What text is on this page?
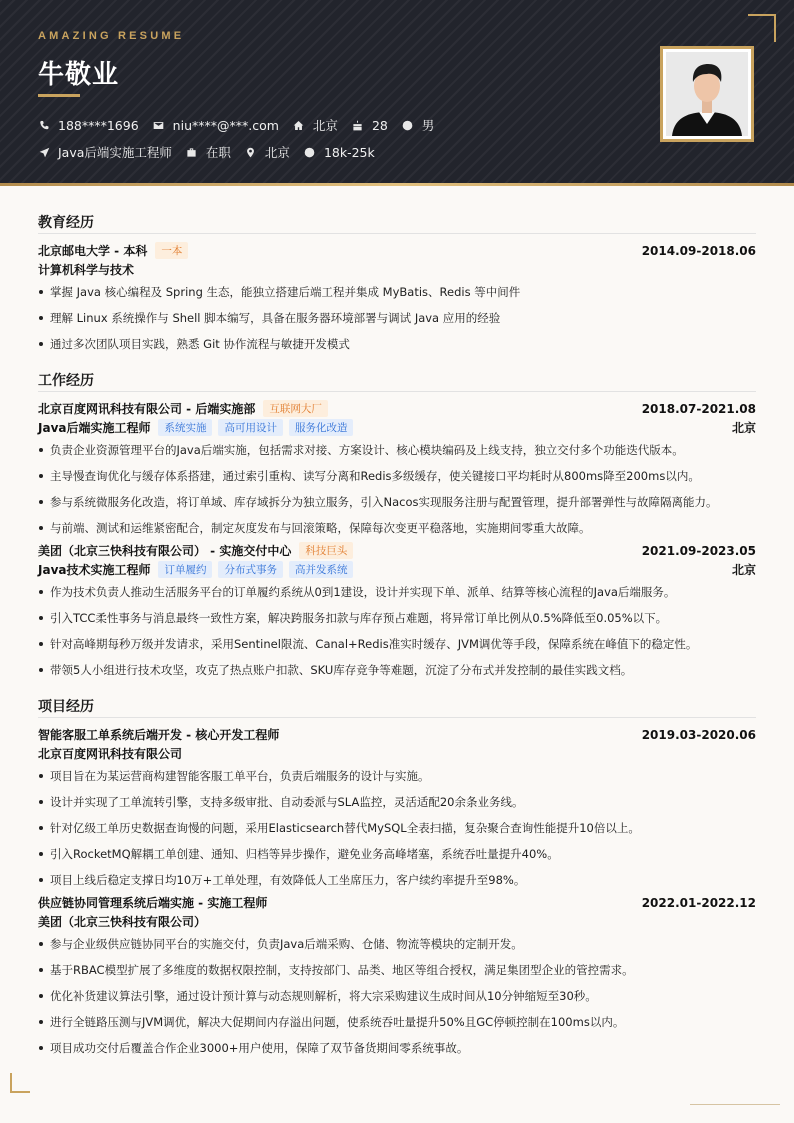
AMAZING RESUME
牛敬业
188****1696	niu****@***.com	北京	28	男
Java后端实施工程师	在职	北京	18k-25k
教育经历
北京邮电大学 - 本科	一本	2014.09-2018.06
计算机科学与技术
掌握 Java 核心编程及 Spring 生态，能独立搭建后端工程并集成 MyBatis、Redis 等中间件
理解 Linux 系统操作与 Shell 脚本编写，具备在服务器环境部署与调试 Java 应用的经验
通过多次团队项目实践，熟悉 Git 协作流程与敏捷开发模式
工作经历
北京百度网讯科技有限公司 - 后端实施部	互联网大厂	2018.07-2021.08
Java后端实施工程师	系统实施	高可用设计	服务化改造	北京
负责企业资源管理平台的Java后端实施，包括需求对接、方案设计、核心模块编码及上线支持，独立交付多个功能迭代版本。
主导慢查询优化与缓存体系搭建，通过索引重构、读写分离和Redis多级缓存，使关键接口平均耗时从800ms降至200ms以内。
参与系统微服务化改造，将订单域、库存域拆分为独立服务，引入Nacos实现服务注册与配置管理，提升部署弹性与故障隔离能力。
与前端、测试和运维紧密配合，制定灰度发布与回滚策略，保障每次变更平稳落地，实施期间零重大故障。
美团（北京三快科技有限公司） - 实施交付中心	科技巨头	2021.09-2023.05
Java技术实施工程师	订单履约	分布式事务	高并发系统	北京
作为技术负责人推动生活服务平台的订单履约系统从0到1建设，设计并实现下单、派单、结算等核心流程的Java后端服务。
引入TCC柔性事务与消息最终一致性方案，解决跨服务扣款与库存预占难题，将异常订单比例从0.5%降低至0.05%以下。
针对高峰期每秒万级并发请求，采用Sentinel限流、Canal+Redis准实时缓存、JVM调优等手段，保障系统在峰值下的稳定性。
带领5人小组进行技术攻坚，攻克了热点账户扣款、SKU库存竞争等难题，沉淀了分布式并发控制的最佳实践文档。
项目经历
智能客服工单系统后端开发 - 核心开发工程师	2019.03-2020.06
北京百度网讯科技有限公司
项目旨在为某运营商构建智能客服工单平台，负责后端服务的设计与实施。
设计并实现了工单流转引擎，支持多级审批、自动委派与SLA监控，灵活适配20余条业务线。
针对亿级工单历史数据查询慢的问题，采用Elasticsearch替代MySQL全表扫描，复杂聚合查询性能提升10倍以上。
引入RocketMQ解耦工单创建、通知、归档等异步操作，避免业务高峰堵塞，系统吞吐量提升40%。
项目上线后稳定支撑日均10万+工单处理，有效降低人工坐席压力，客户续约率提升至98%。
供应链协同管理系统后端实施 - 实施工程师	2022.01-2022.12
美团（北京三快科技有限公司）
参与企业级供应链协同平台的实施交付，负责Java后端采购、仓储、物流等模块的定制开发。
基于RBAC模型扩展了多维度的数据权限控制，支持按部门、品类、地区等组合授权，满足集团型企业的管控需求。
优化补货建议算法引擎，通过设计预计算与动态规则解析，将大宗采购建议生成时间从10分钟缩短至30秒。
进行全链路压测与JVM调优，解决大促期间内存溢出问题，使系统吞吐量提升50%且GC停顿控制在100ms以内。
项目成功交付后覆盖合作企业3000+用户使用，保障了双节备货期间零系统事故。
